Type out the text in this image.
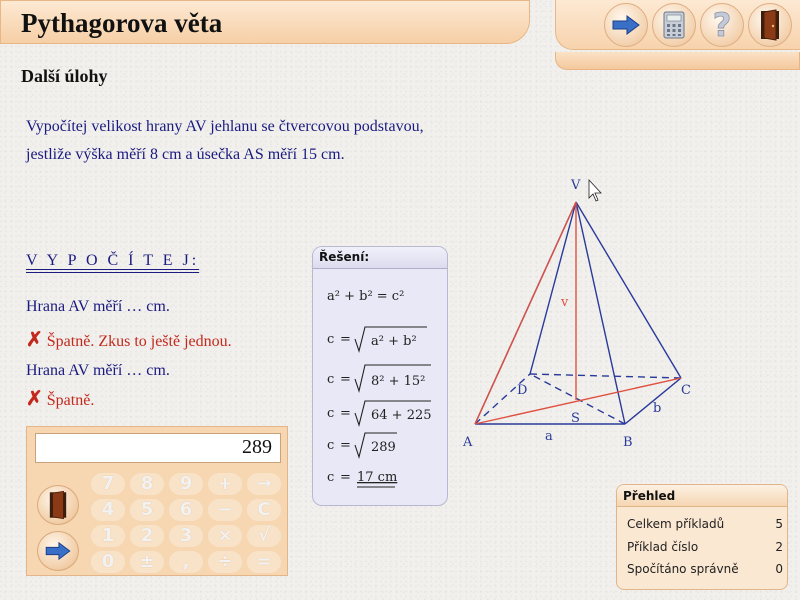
Pythagorova věta	?
Další úlohy
Vypočítej velikost hrany AV jehlanu se čtvercovou podstavou,
jestliže výška měří 8 cm a úsečka AS měří 15 cm.
V Y P O Č Í T E J:
Hrana AV měří … cm.
✗ Špatně. Zkus to ještě jednou.
Hrana AV měří … cm.
✗ Špatně.
289
7	8	9	+	→
4	5	6	−	C
1	2	3	×	√
0	±	,	÷	=
Řešení:
a² + b² = c²
c = a² + b²
c = 8² + 15²
c = 64 + 225
c = 289
c = 17 cm
V
A	B
C
D
S
a
b
v
Přehled
Celkem příkladů	5
Příklad číslo	2
Spočítáno správně	0
